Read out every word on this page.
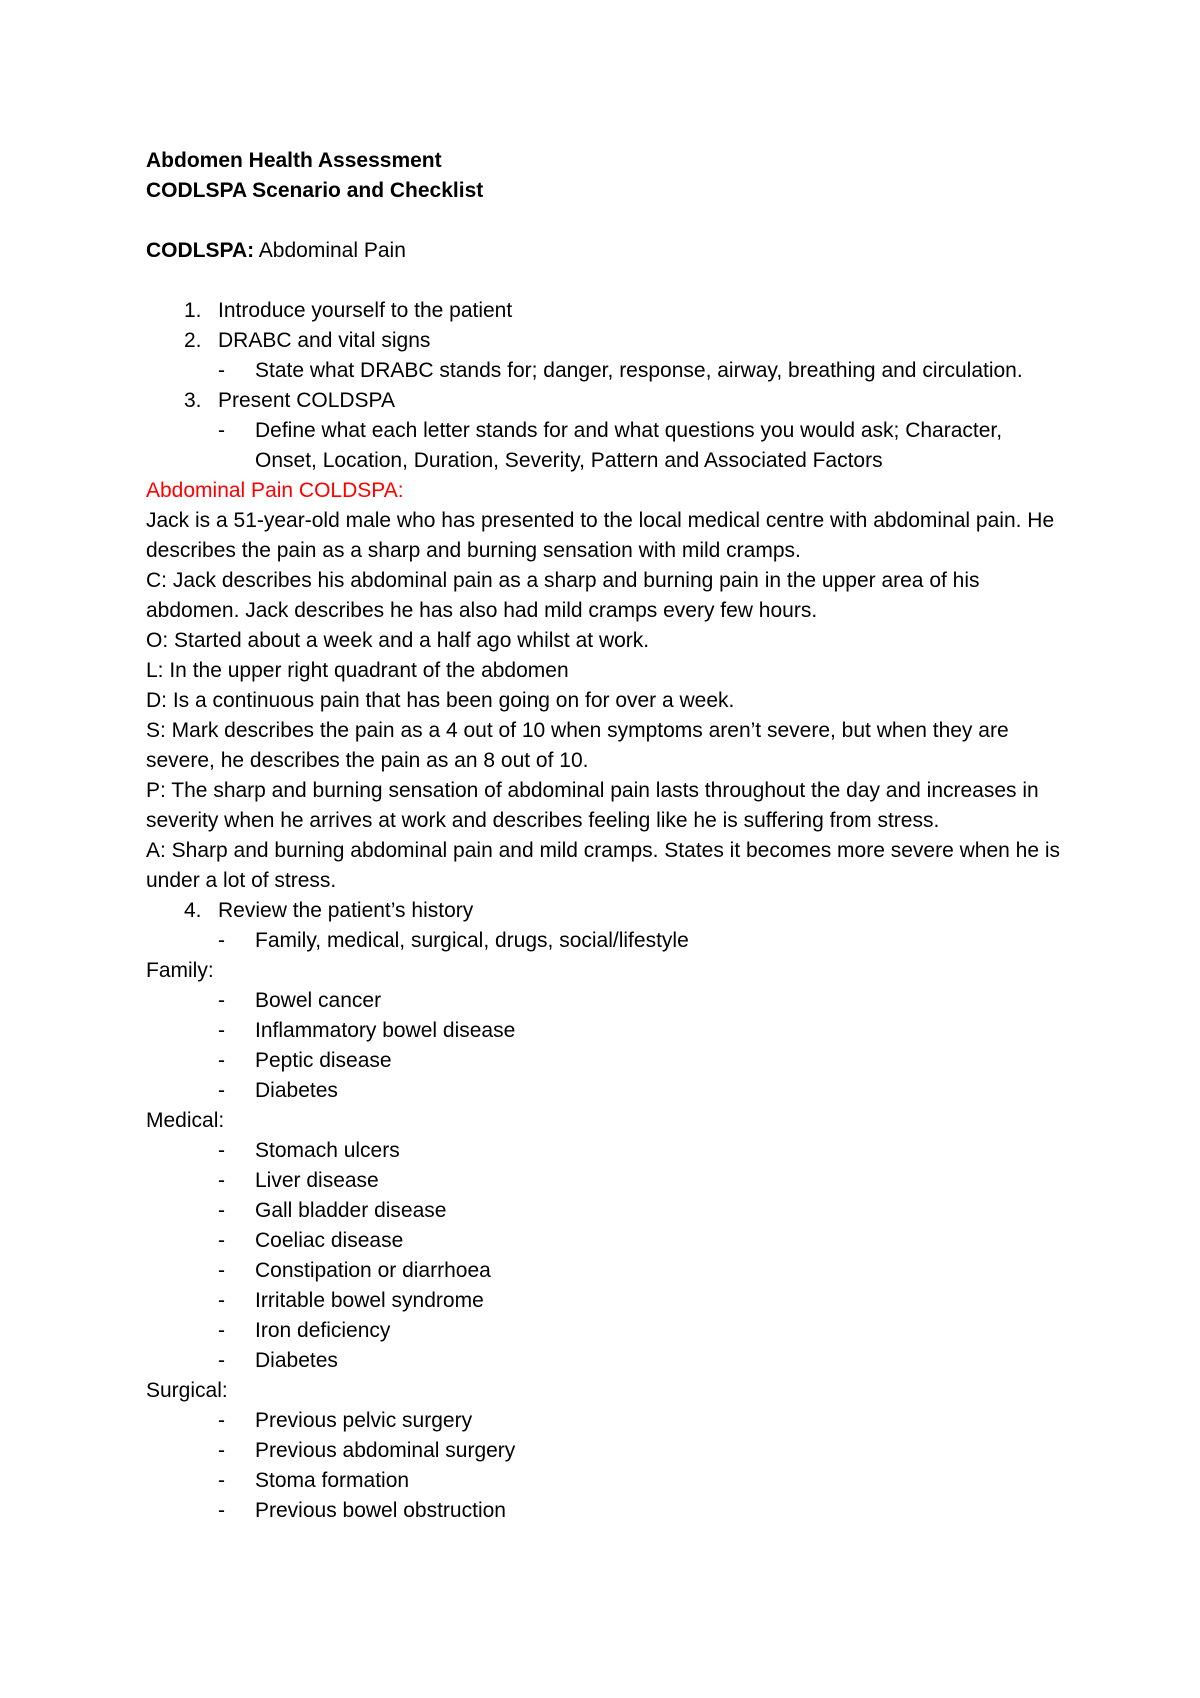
Abdomen Health Assessment
CODLSPA Scenario and Checklist
CODLSPA: Abdominal Pain
1. Introduce yourself to the patient
2. DRABC and vital signs
- State what DRABC stands for; danger, response, airway, breathing and circulation.
3. Present COLDSPA
- Define what each letter stands for and what questions you would ask; Character, Onset, Location, Duration, Severity, Pattern and Associated Factors
Abdominal Pain COLDSPA:
Jack is a 51-year-old male who has presented to the local medical centre with abdominal pain. He describes the pain as a sharp and burning sensation with mild cramps.
C: Jack describes his abdominal pain as a sharp and burning pain in the upper area of his abdomen. Jack describes he has also had mild cramps every few hours.
O: Started about a week and a half ago whilst at work.
L: In the upper right quadrant of the abdomen
D: Is a continuous pain that has been going on for over a week.
S: Mark describes the pain as a 4 out of 10 when symptoms aren’t severe, but when they are severe, he describes the pain as an 8 out of 10.
P: The sharp and burning sensation of abdominal pain lasts throughout the day and increases in severity when he arrives at work and describes feeling like he is suffering from stress.
A: Sharp and burning abdominal pain and mild cramps. States it becomes more severe when he is under a lot of stress.
4. Review the patient’s history
- Family, medical, surgical, drugs, social/lifestyle
Family:
- Bowel cancer
- Inflammatory bowel disease
- Peptic disease
- Diabetes
Medical:
- Stomach ulcers
- Liver disease
- Gall bladder disease
- Coeliac disease
- Constipation or diarrhoea
- Irritable bowel syndrome
- Iron deficiency
- Diabetes
Surgical:
- Previous pelvic surgery
- Previous abdominal surgery
- Stoma formation
- Previous bowel obstruction
